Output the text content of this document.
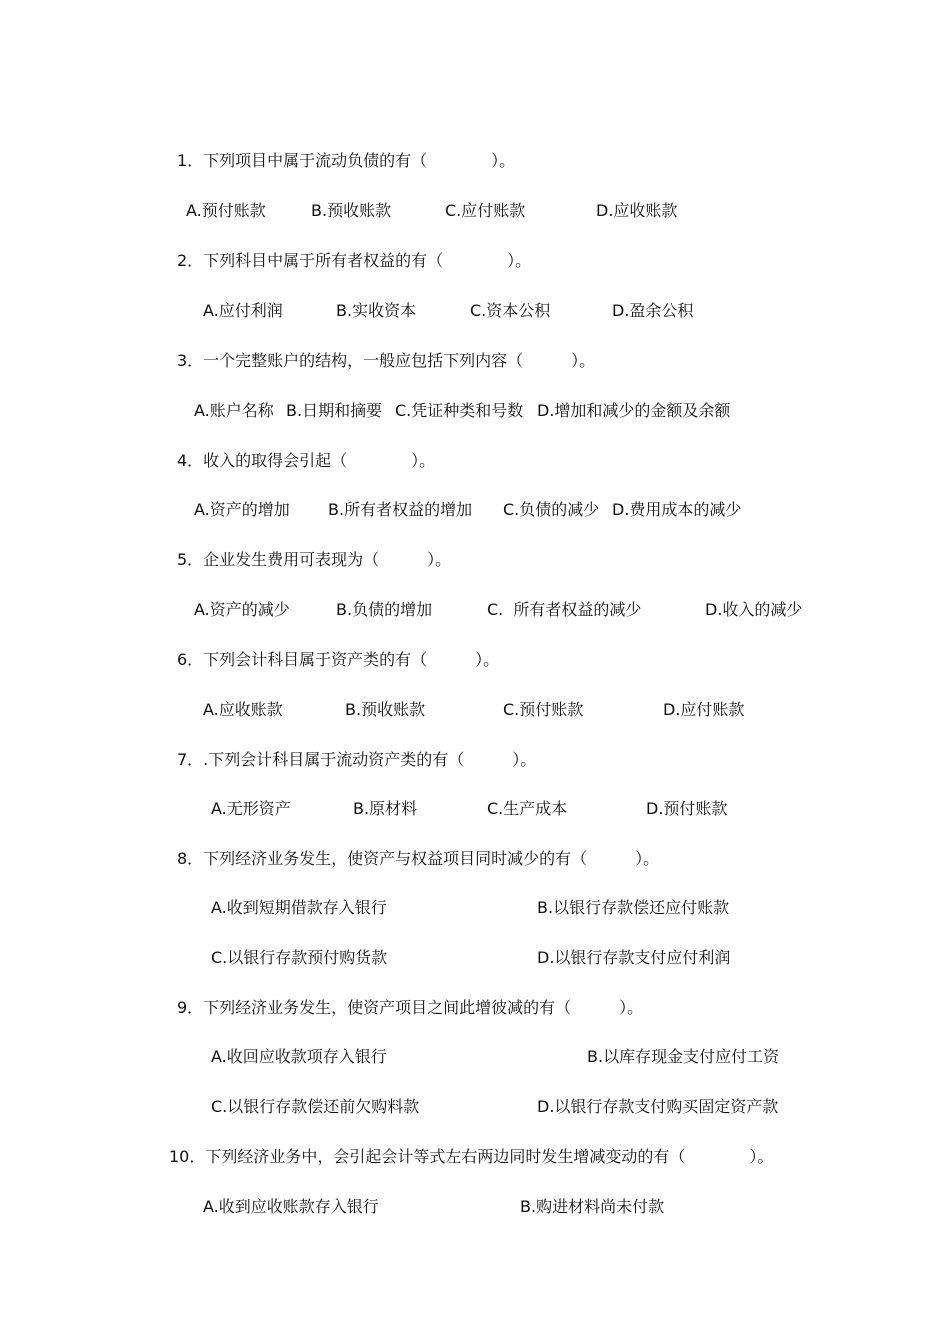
1．下列项目中属于流动负债的有（　　　　）。
A.预付账款	B.预收账款	C.应付账款	D.应收账款
2．下列科目中属于所有者权益的有（　　　　）。
A.应付利润	B.实收资本	C.资本公积	D.盈余公积
3．一个完整账户的结构，一般应包括下列内容（　　　）。
A.账户名称 B.日期和摘要 C.凭证种类和号数 D.增加和减少的金额及余额
4．收入的取得会引起（　　　　）。
A.资产的增加 B.所有者权益的增加 C.负债的减少 D.费用成本的减少
5．企业发生费用可表现为（　　　）。
A.资产的减少	B.负债的增加	C.  所有者权益的减少	D.收入的减少
6．下列会计科目属于资产类的有（　　　）。
A.应收账款	B.预收账款	C.预付账款	D.应付账款
7．.下列会计科目属于流动资产类的有（　　　）。
A.无形资产	B.原材料	C.生产成本	D.预付账款
8．下列经济业务发生，使资产与权益项目同时减少的有（　　　）。
A.收到短期借款存入银行	B.以银行存款偿还应付账款
C.以银行存款预付购货款	D.以银行存款支付应付利润
9．下列经济业务发生，使资产项目之间此增彼减的有（　　　）。
A.收回应收款项存入银行	B.以库存现金支付应付工资
C.以银行存款偿还前欠购料款	D.以银行存款支付购买固定资产款
10．下列经济业务中，会引起会计等式左右两边同时发生增减变动的有（　　　　）。
A.收到应收账款存入银行	B.购进材料尚未付款
